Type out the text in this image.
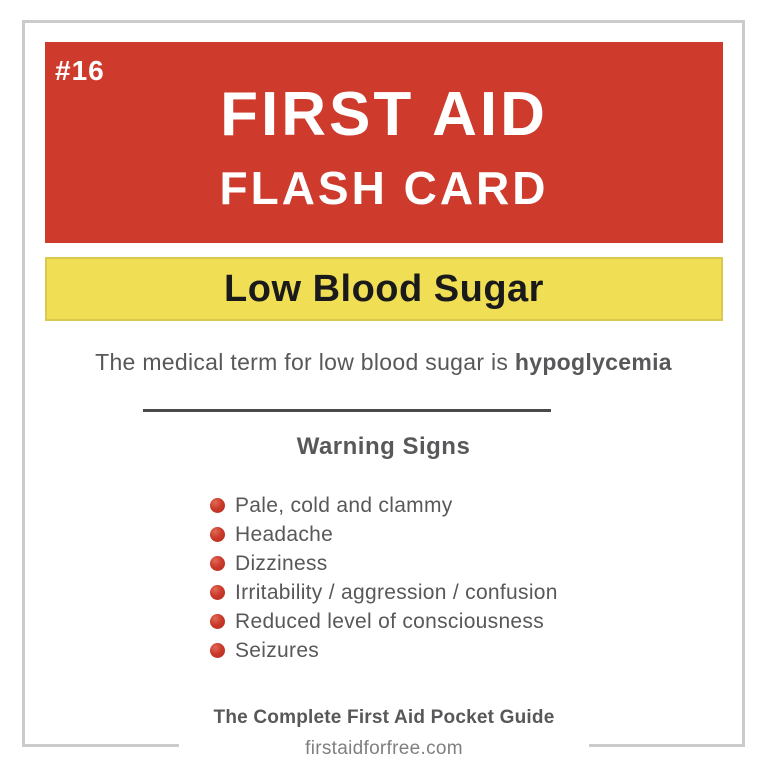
#16
FIRST AID
FLASH CARD
Low Blood Sugar

The medical term for low blood sugar is hypoglycemia

Warning Signs
Pale, cold and clammy
Headache
Dizziness
Irritability / aggression / confusion
Reduced level of consciousness
Seizures
The Complete First Aid Pocket Guide
firstaidforfree.com
